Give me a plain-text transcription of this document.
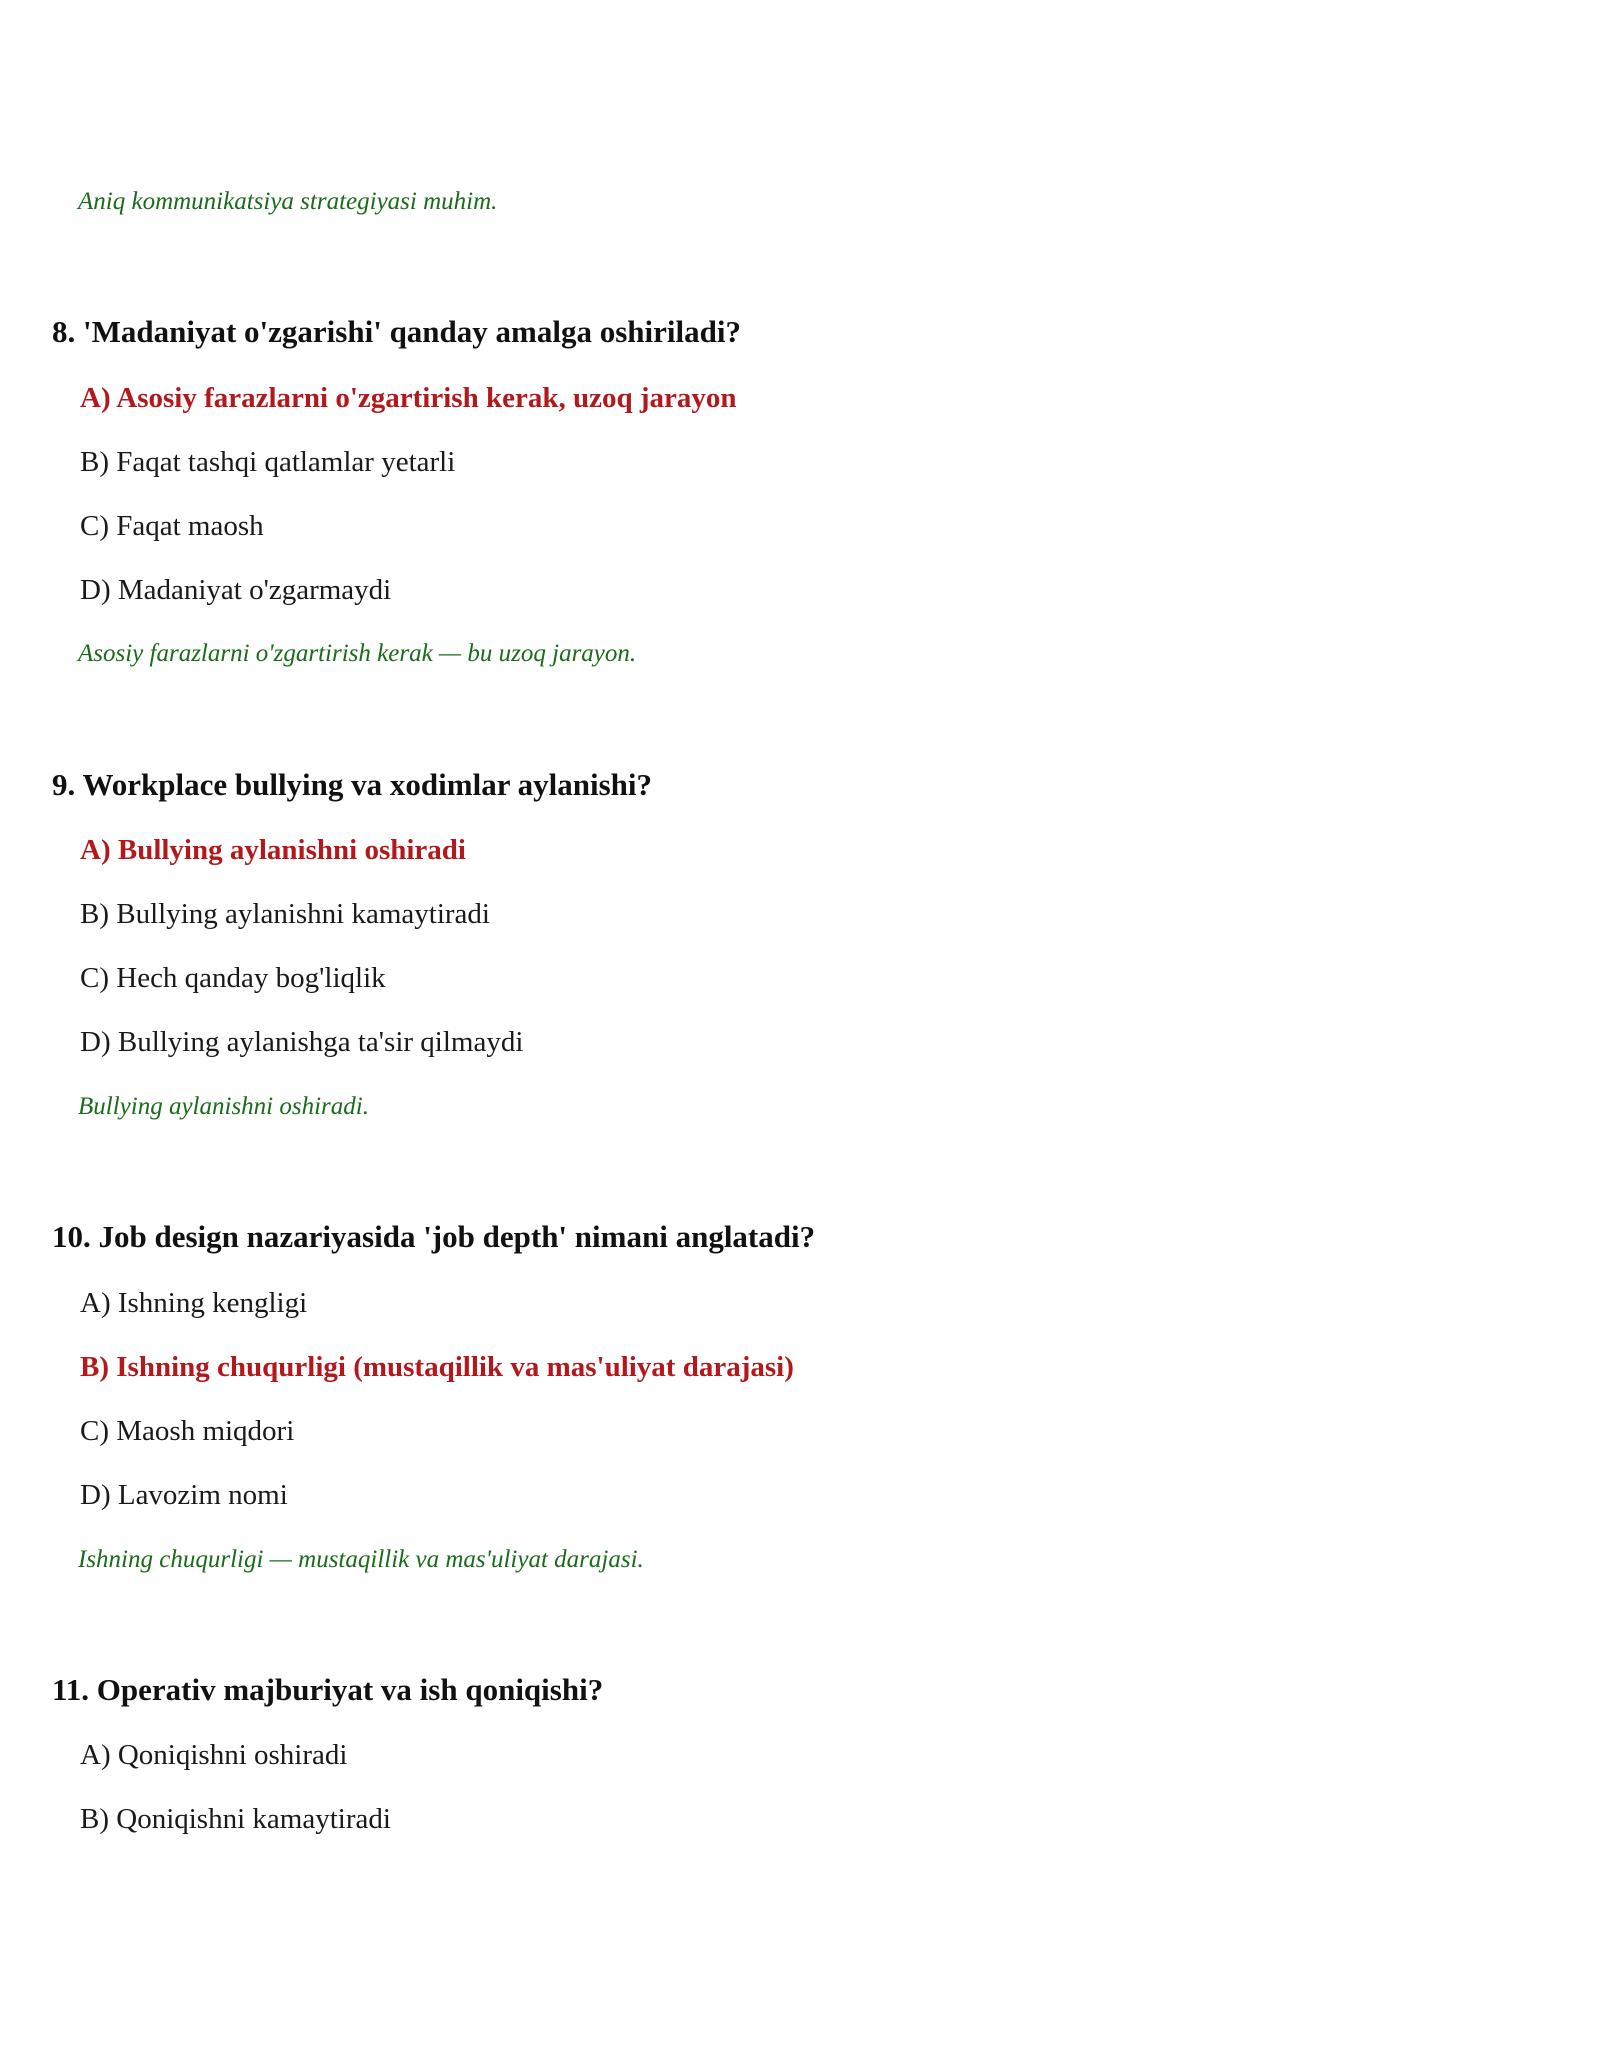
Aniq kommunikatsiya strategiyasi muhim.
8. 'Madaniyat o'zgarishi' qanday amalga oshiriladi?
A) Asosiy farazlarni o'zgartirish kerak, uzoq jarayon
B) Faqat tashqi qatlamlar yetarli
C) Faqat maosh
D) Madaniyat o'zgarmaydi
Asosiy farazlarni o'zgartirish kerak — bu uzoq jarayon.
9. Workplace bullying va xodimlar aylanishi?
A) Bullying aylanishni oshiradi
B) Bullying aylanishni kamaytiradi
C) Hech qanday bog'liqlik
D) Bullying aylanishga ta'sir qilmaydi
Bullying aylanishni oshiradi.
10. Job design nazariyasida 'job depth' nimani anglatadi?
A) Ishning kengligi
B) Ishning chuqurligi (mustaqillik va mas'uliyat darajasi)
C) Maosh miqdori
D) Lavozim nomi
Ishning chuqurligi — mustaqillik va mas'uliyat darajasi.
11. Operativ majburiyat va ish qoniqishi?
A) Qoniqishni oshiradi
B) Qoniqishni kamaytiradi
